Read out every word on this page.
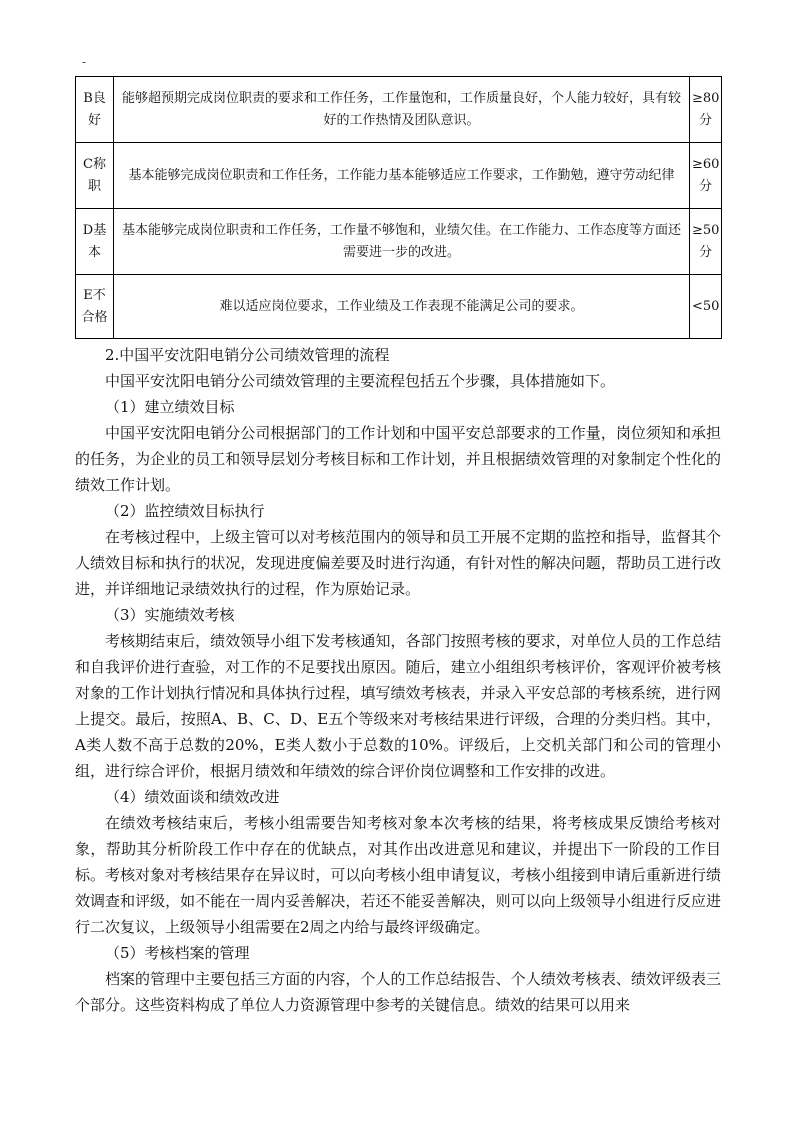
-
B良好	能够超预期完成岗位职责的要求和工作任务，工作量饱和，工作质量良好，个人能力较好，具有较好的工作热情及团队意识。	≥80分
C称职	基本能够完成岗位职责和工作任务，工作能力基本能够适应工作要求，工作勤勉，遵守劳动纪律	≥60分
D基本	基本能够完成岗位职责和工作任务，工作量不够饱和，业绩欠佳。在工作能力、工作态度等方面还需要进一步的改进。	≥50分
E不合格	难以适应岗位要求，工作业绩及工作表现不能满足公司的要求。	<50

2.中国平安沈阳电销分公司绩效管理的流程

中国平安沈阳电销分公司绩效管理的主要流程包括五个步骤，具体措施如下。

（1）建立绩效目标

中国平安沈阳电销分公司根据部门的工作计划和中国平安总部要求的工作量，岗位须知和承担的任务，为企业的员工和领导层划分考核目标和工作计划，并且根据绩效管理的对象制定个性化的绩效工作计划。

（2）监控绩效目标执行

在考核过程中，上级主管可以对考核范围内的领导和员工开展不定期的监控和指导，监督其个人绩效目标和执行的状况，发现进度偏差要及时进行沟通，有针对性的解决问题，帮助员工进行改进，并详细地记录绩效执行的过程，作为原始记录。

（3）实施绩效考核

考核期结束后，绩效领导小组下发考核通知，各部门按照考核的要求，对单位人员的工作总结和自我评价进行查验，对工作的不足要找出原因。随后，建立小组组织考核评价，客观评价被考核对象的工作计划执行情况和具体执行过程，填写绩效考核表，并录入平安总部的考核系统，进行网上提交。最后，按照A、B、C、D、E五个等级来对考核结果进行评级，合理的分类归档。其中，A类人数不高于总数的20%，E类人数小于总数的10%。评级后，上交机关部门和公司的管理小组，进行综合评价，根据月绩效和年绩效的综合评价岗位调整和工作安排的改进。

（4）绩效面谈和绩效改进

在绩效考核结束后，考核小组需要告知考核对象本次考核的结果，将考核成果反馈给考核对象，帮助其分析阶段工作中存在的优缺点，对其作出改进意见和建议，并提出下一阶段的工作目标。考核对象对考核结果存在异议时，可以向考核小组申请复议，考核小组接到申请后重新进行绩效调查和评级，如不能在一周内妥善解决，若还不能妥善解决，则可以向上级领导小组进行反应进行二次复议，上级领导小组需要在2周之内给与最终评级确定。

（5）考核档案的管理

档案的管理中主要包括三方面的内容，个人的工作总结报告、个人绩效考核表、绩效评级表三个部分。这些资料构成了单位人力资源管理中参考的关键信息。绩效的结果可以用来
